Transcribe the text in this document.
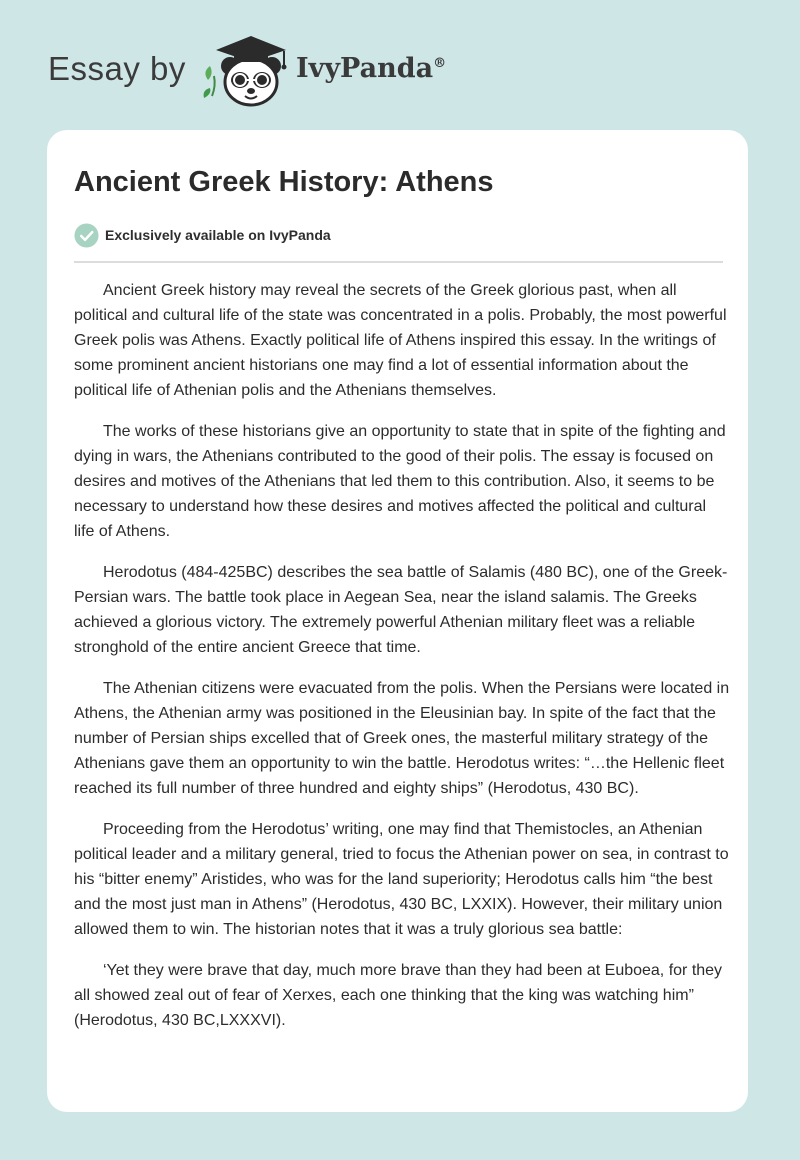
Essay by	IvyPanda®
Ancient Greek History: Athens
Exclusively available on IvyPanda

Ancient Greek history may reveal the secrets of the Greek glorious past, when all political and cultural life of the state was concentrated in a polis. Probably, the most powerful Greek polis was Athens. Exactly political life of Athens inspired this essay. In the writings of some prominent ancient historians one may find a lot of essential information about the political life of Athenian polis and the Athenians themselves.

The works of these historians give an opportunity to state that in spite of the fighting and dying in wars, the Athenians contributed to the good of their polis. The essay is focused on desires and motives of the Athenians that led them to this contribution. Also, it seems to be necessary to understand how these desires and motives affected the political and cultural life of Athens.

Herodotus (484-425BC) describes the sea battle of Salamis (480 BC), one of the Greek-Persian wars. The battle took place in Aegean Sea, near the island salamis. The Greeks achieved a glorious victory. The extremely powerful Athenian military fleet was a reliable stronghold of the entire ancient Greece that time.

The Athenian citizens were evacuated from the polis. When the Persians were located in Athens, the Athenian army was positioned in the Eleusinian bay. In spite of the fact that the number of Persian ships excelled that of Greek ones, the masterful military strategy of the Athenians gave them an opportunity to win the battle. Herodotus writes: “…the Hellenic fleet reached its full number of three hundred and eighty ships” (Herodotus, 430 BC).

Proceeding from the Herodotus’ writing, one may find that Themistocles, an Athenian political leader and a military general, tried to focus the Athenian power on sea, in contrast to his “bitter enemy” Aristides, who was for the land superiority; Herodotus calls him “the best and the most just man in Athens” (Herodotus, 430 BC, LXXIX). However, their military union allowed them to win. The historian notes that it was a truly glorious sea battle:

‘Yet they were brave that day, much more brave than they had been at Euboea, for they all showed zeal out of fear of Xerxes, each one thinking that the king was watching him” (Herodotus, 430 BC,LXXXVI).
